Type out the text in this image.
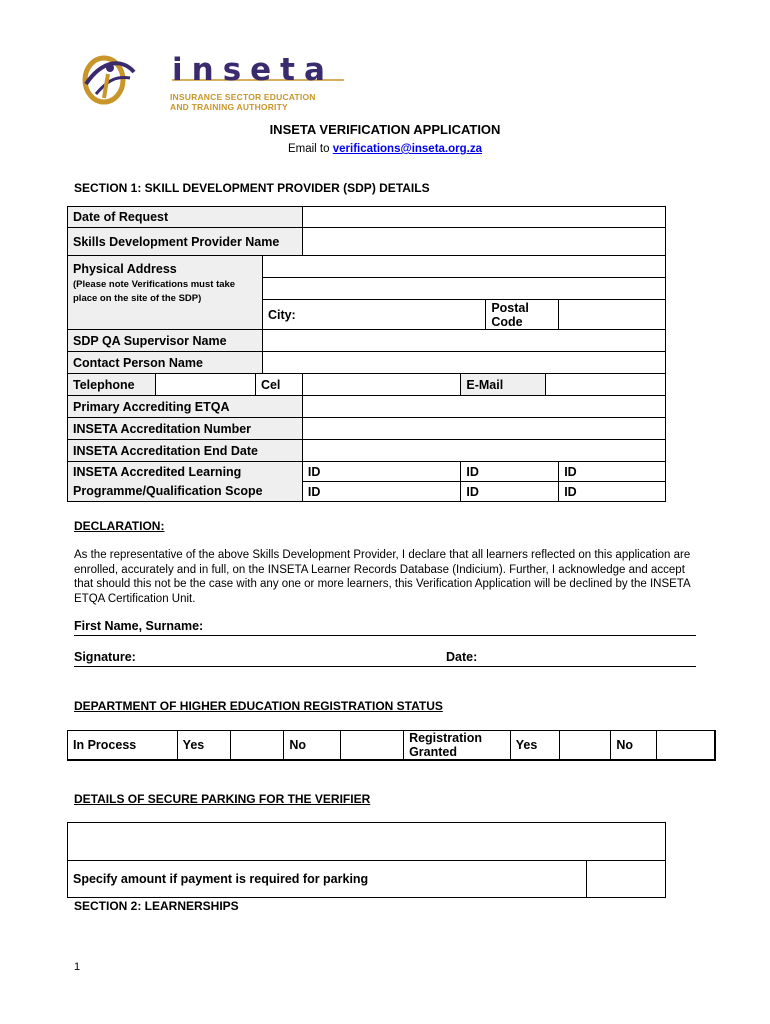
inseta
INSURANCE SECTOR EDUCATION
AND TRAINING AUTHORITY
INSETA VERIFICATION APPLICATION
Email to verifications@inseta.org.za
SECTION 1: SKILL DEVELOPMENT PROVIDER (SDP) DETAILS
Date of Request								
Skills Development Provider Name								

Physical Address
(Please note Verifications must take place on the site of the SDP)								

			City:			Postal Code		
SDP QA Supervisor Name								
Contact Person Name								
Telephone		Cel			E-Mail			
Primary Accrediting ETQA								
INSETA Accreditation Number								
INSETA Accreditation End Date								
INSETA Accredited Learning Programme/Qualification Scope				ID	ID			ID
				ID	ID			ID
DECLARATION:
As the representative of the above Skills Development Provider, I declare that all learners reflected on this application are enrolled, accurately and in full, on the INSETA Learner Records Database (Indicium). Further, I acknowledge and accept that should this not be the case with any one or more learners, this Verification Application will be declined by the INSETA ETQA Certification Unit.
First Name, Surname:
Signature:	Date:
DEPARTMENT OF HIGHER EDUCATION REGISTRATION STATUS
In Process	Yes		No		Registration Granted	Yes		No	
DETAILS OF SECURE PARKING FOR THE VERIFIER

Specify amount if payment is required for parking	
SECTION 2: LEARNERSHIPS
1
